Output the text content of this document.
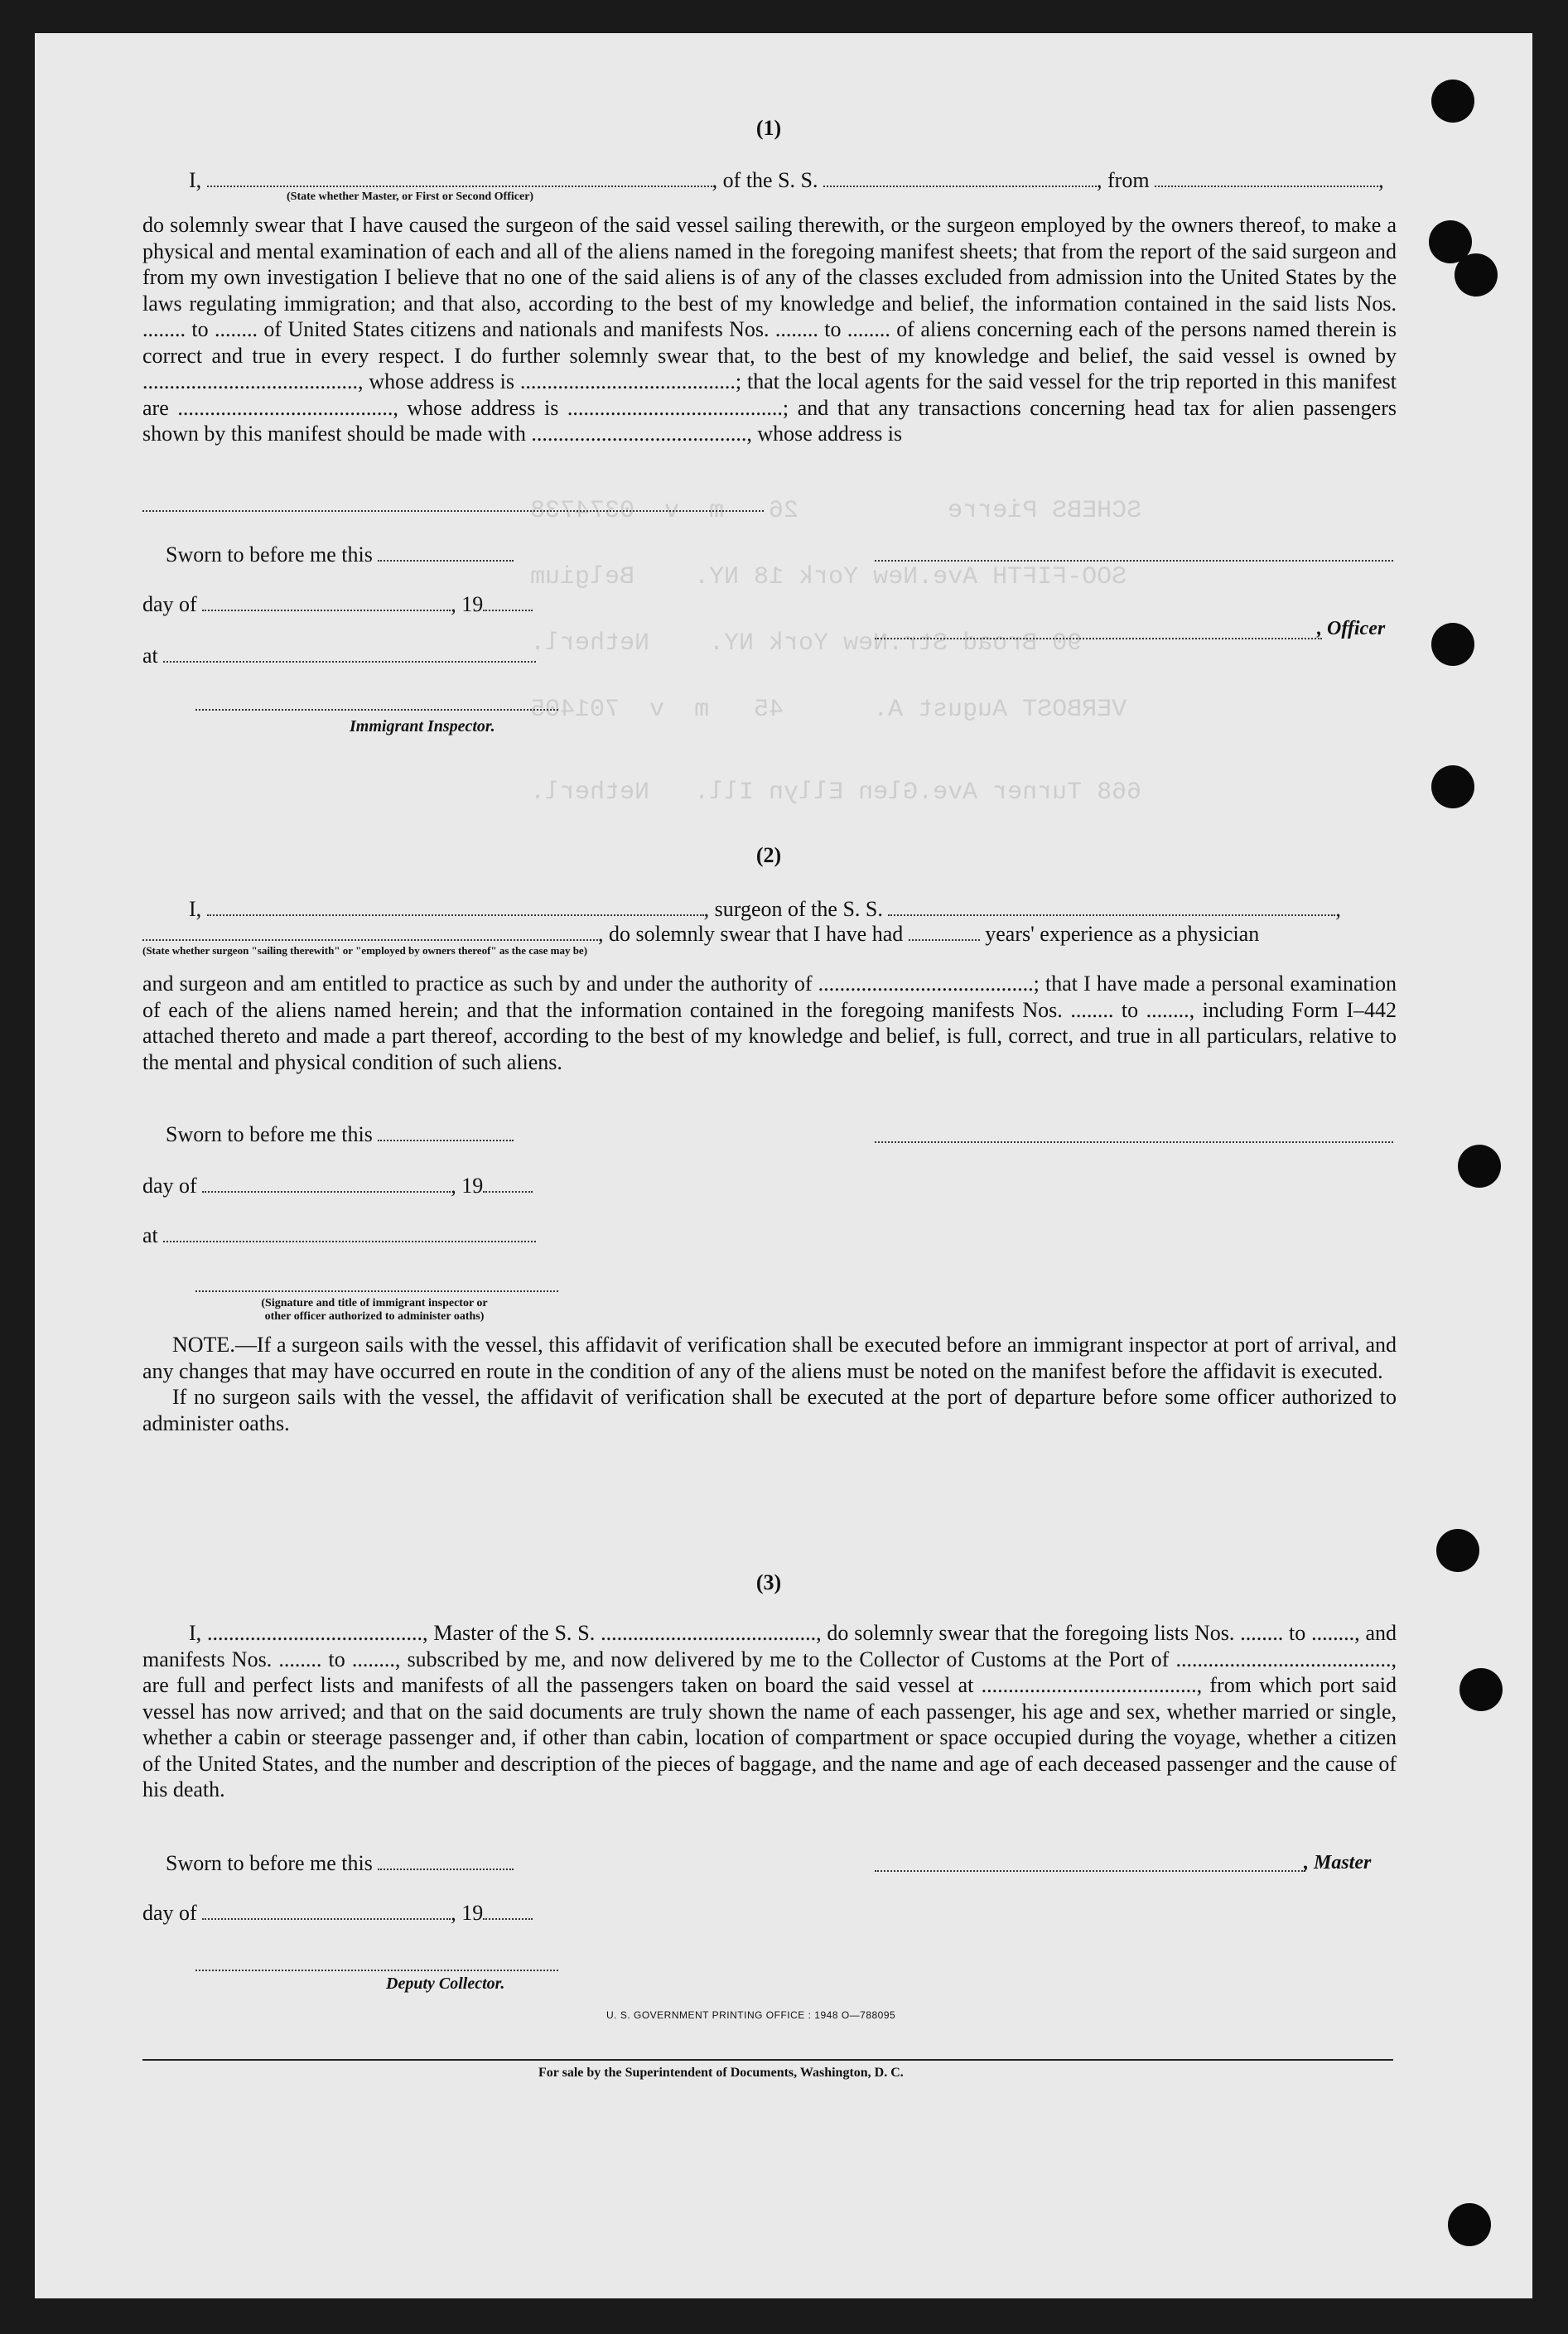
SCHEBS Pierre          26   m  v  0374738
SOO-FIFTH Ave.New York 18 NY.    Belgium
90 Broad Str.New York NY.    Netherl.
VERBOST August A.      45   m  v  701405
668 Turner Ave.Glen Ellyn Ill.   Netherl.
(1)
I,	, of the S. S.	, from	,
(State whether Master, or First or Second Officer)
do solemnly swear that I have caused the surgeon of the said vessel sailing therewith, or the surgeon employed by the owners thereof, to make a physical and mental examination of each and all of the aliens named in the foregoing manifest sheets; that from the report of the said surgeon and from my own investigation I believe that no one of the said aliens is of any of the classes excluded from admission into the United States by the laws regulating immigration; and that also, according to the best of my knowledge and belief, the information contained in the said lists Nos. ........ to ........ of United States citizens and nationals and manifests Nos. ........ to ........ of aliens concerning each of the persons named therein is correct and true in every respect. I do further solemnly swear that, to the best of my knowledge and belief, the said vessel is owned by ........................................, whose address is ........................................; that the local agents for the said vessel for the trip reported in this manifest are ........................................, whose address is ........................................; and that any transactions concerning head tax for alien passengers shown by this manifest should be made with ........................................, whose address is
Sworn to before me this
day of	, 19
at
Immigrant Inspector.
, Officer
(2)
I,	, surgeon of the S. S.	,
, do solemnly swear that I have had	years' experience as a physician
(State whether surgeon "sailing therewith" or "employed by owners thereof" as the case may be)
and surgeon and am entitled to practice as such by and under the authority of ........................................; that I have made a personal examination of each of the aliens named herein; and that the information contained in the foregoing manifests Nos. ........ to ........, including Form I–442 attached thereto and made a part thereof, according to the best of my knowledge and belief, is full, correct, and true in all particulars, relative to the mental and physical condition of such aliens.
Sworn to before me this
day of	, 19
at
(Signature and title of immigrant inspector or
other officer authorized to administer oaths)
NOTE.—If a surgeon sails with the vessel, this affidavit of verification shall be executed before an immigrant inspector at port of arrival, and any changes that may have occurred en route in the condition of any of the aliens must be noted on the manifest before the affidavit is executed.
If no surgeon sails with the vessel, the affidavit of verification shall be executed at the port of departure before some officer authorized to administer oaths.
(3)
I, ........................................, Master of the S. S. ........................................, do solemnly swear that the foregoing lists Nos. ........ to ........, and manifests Nos. ........ to ........, subscribed by me, and now delivered by me to the Collector of Customs at the Port of ........................................, are full and perfect lists and manifests of all the passengers taken on board the said vessel at ........................................, from which port said vessel has now arrived; and that on the said documents are truly shown the name of each passenger, his age and sex, whether married or single, whether a cabin or steerage passenger and, if other than cabin, location of compartment or space occupied during the voyage, whether a citizen of the United States, and the number and description of the pieces of baggage, and the name and age of each deceased passenger and the cause of his death.
Sworn to before me this	, Master
day of	, 19
Deputy Collector.
U. S. GOVERNMENT PRINTING OFFICE : 1948 O—788095
For sale by the Superintendent of Documents, Washington, D. C.
